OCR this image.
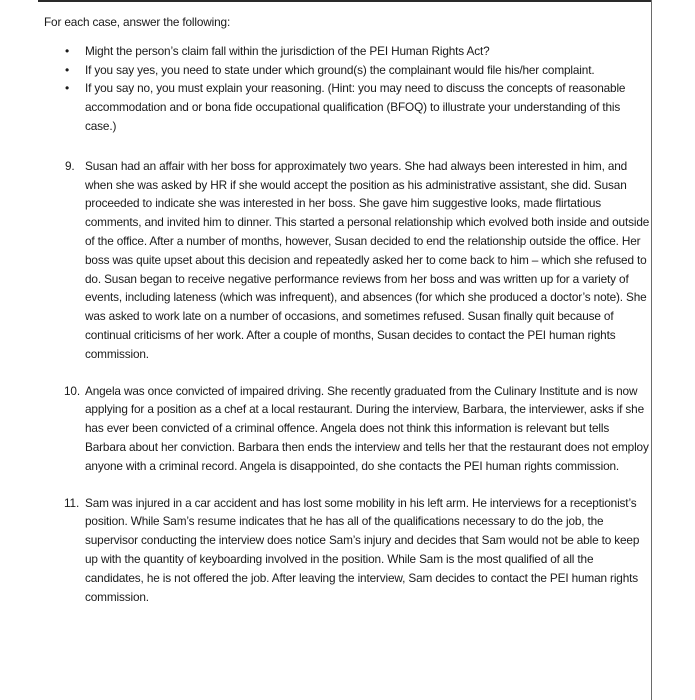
For each case, answer the following:

• Might the person’s claim fall within the jurisdiction of the PEI Human Rights Act?
• If you say yes, you need to state under which ground(s) the complainant would file his/her complaint.
• If you say no, you must explain your reasoning. (Hint: you may need to discuss the concepts of reasonable accommodation and or bona fide occupational qualification (BFOQ) to illustrate your understanding of this case.)
9. Susan had an affair with her boss for approximately two years. She had always been interested in him, and when she was asked by HR if she would accept the position as his administrative assistant, she did. Susan proceeded to indicate she was interested in her boss. She gave him suggestive looks, made flirtatious comments, and invited him to dinner. This started a personal relationship which evolved both inside and outside of the office. After a number of months, however, Susan decided to end the relationship outside the office. Her boss was quite upset about this decision and repeatedly asked her to come back to him – which she refused to do. Susan began to receive negative performance reviews from her boss and was written up for a variety of events, including lateness (which was infrequent), and absences (for which she produced a doctor’s note). She was asked to work late on a number of occasions, and sometimes refused. Susan finally quit because of continual criticisms of her work. After a couple of months, Susan decides to contact the PEI human rights commission.
10. Angela was once convicted of impaired driving. She recently graduated from the Culinary Institute and is now applying for a position as a chef at a local restaurant. During the interview, Barbara, the interviewer, asks if she has ever been convicted of a criminal offence. Angela does not think this information is relevant but tells Barbara about her conviction. Barbara then ends the interview and tells her that the restaurant does not employ anyone with a criminal record. Angela is disappointed, do she contacts the PEI human rights commission.
11. Sam was injured in a car accident and has lost some mobility in his left arm. He interviews for a receptionist’s position. While Sam’s resume indicates that he has all of the qualifications necessary to do the job, the supervisor conducting the interview does notice Sam’s injury and decides that Sam would not be able to keep up with the quantity of keyboarding involved in the position. While Sam is the most qualified of all the candidates, he is not offered the job. After leaving the interview, Sam decides to contact the PEI human rights commission.
